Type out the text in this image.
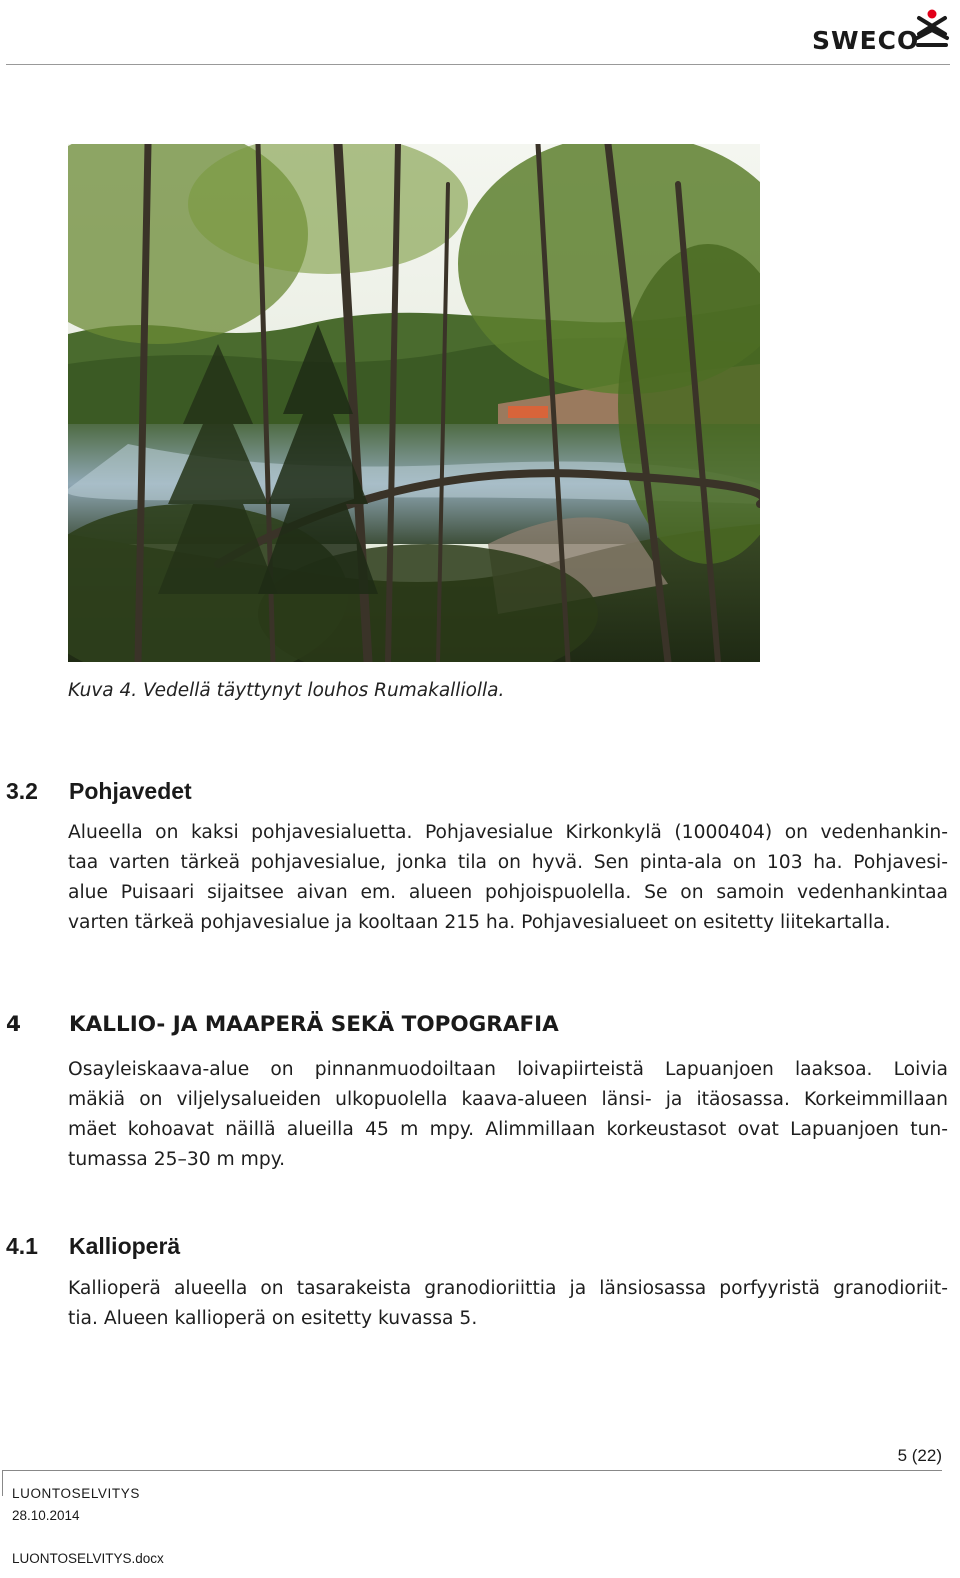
SWECO
Kuva 4. Vedellä täyttynyt louhos Rumakalliolla.
3.2 Pohjavedet
Alueella on kaksi pohjavesialuetta. Pohjavesialue Kirkonkylä (1000404) on vedenhankin-
taa varten tärkeä pohjavesialue, jonka tila on hyvä. Sen pinta-ala on 103 ha. Pohjavesi-
alue Puisaari sijaitsee aivan em. alueen pohjoispuolella. Se on samoin vedenhankintaa
varten tärkeä pohjavesialue ja kooltaan 215 ha. Pohjavesialueet on esitetty liitekartalla.
4 KALLIO- JA MAAPERÄ SEKÄ TOPOGRAFIA
Osayleiskaava-alue on pinnanmuodoiltaan loivapiirteistä Lapuanjoen laaksoa. Loivia
mäkiä on viljelysalueiden ulkopuolella kaava-alueen länsi- ja itäosassa. Korkeimmillaan
mäet kohoavat näillä alueilla 45 m mpy. Alimmillaan korkeustasot ovat Lapuanjoen tun-
tumassa 25–30 m mpy.
4.1 Kallioperä
Kallioperä alueella on tasarakeista granodioriittia ja länsiosassa porfyyristä granodioriit-
tia. Alueen kallioperä on esitetty kuvassa 5.
5 (22)
LUONTOSELVITYS
28.10.2014
LUONTOSELVITYS.docx
